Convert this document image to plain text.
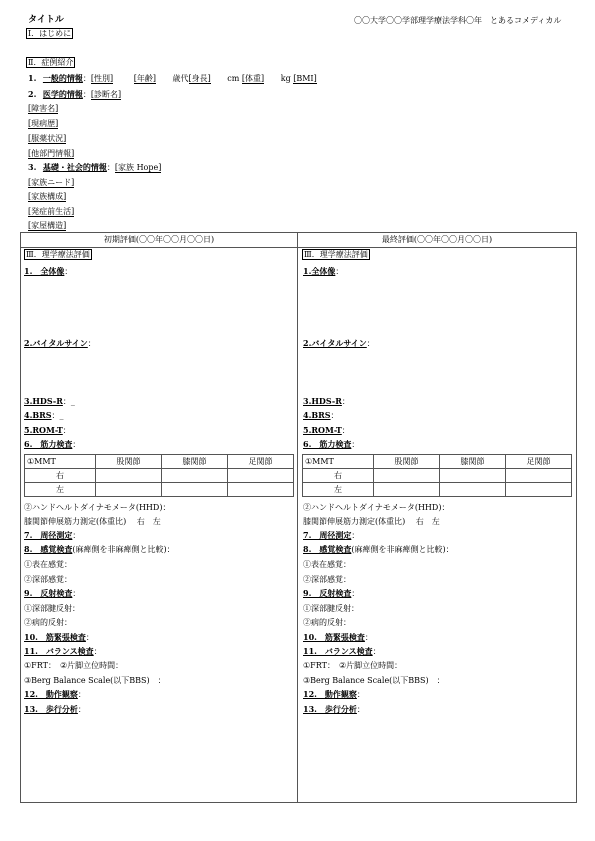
タイトル	〇〇大学〇〇学部理学療法学科〇年　とあるコメディカル
Ⅰ．はじめに
Ⅱ．症例紹介
1. 一般的情報：[性別]	[年齢] 歳代[身長] cm [体重] kg [BMI]
2. 医学的情報：[診断名]
[障害名]
[現病歴]
[服薬状況]
[他部門情報]
3. 基礎・社会的情報：[家族 Hope]
[家族ニード]
[家族構成]
[発症前生活]
[家屋構造]
初期評価(〇〇年〇〇月〇〇日)
Ⅲ．理学療法評価
1.　全体像：
2.バイタルサイン：
3.HDS-R：_
4.BRS：_
5.ROM-T：
6.　筋力検査：
①MMT	股関節	膝関節	足関節
右			
左			
②ハンドヘルトダイナモメータ(HHD)：
膝関節伸展筋力測定(体重比)　 右　左
7.　周径測定：
8.　感覚検査(麻痺側を非麻痺側と比較)：
①表在感覚：
②深部感覚：
9.　反射検査：
①深部腱反射：
②病的反射：
10.　筋緊張検査：
11.　バランス検査：
①FRT：　②片脚立位時間：
③Berg Balance Scale(以下BBS)　：
12.　動作観察：
13.　歩行分析：
最終評価(〇〇年〇〇月〇〇日)
Ⅲ．理学療法評価
1.全体像：
2.バイタルサイン：
3.HDS-R：
4.BRS：
5.ROM-T：
6.　筋力検査：
①MMT	股関節	膝関節	足関節
右			
左			
②ハンドヘルトダイナモメータ(HHD)：
膝関節伸展筋力測定(体重比)　 右　左
7.　周径測定：
8.　感覚検査(麻痺側を非麻痺側と比較)：
①表在感覚：
②深部感覚：
9.　反射検査：
①深部腱反射：
②病的反射：
10.　筋緊張検査：
11.　バランス検査：
①FRT：　②片脚立位時間：
③Berg Balance Scale(以下BBS)　：
12.　動作観察：
13.　歩行分析：
